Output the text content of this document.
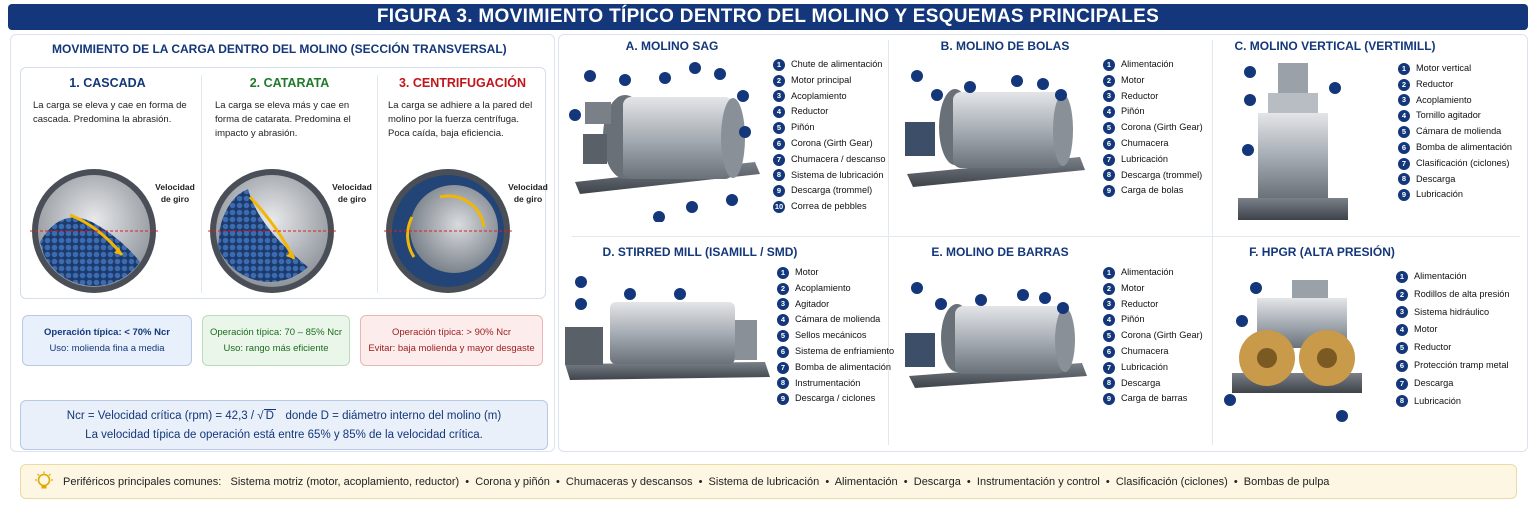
FIGURA 3. MOVIMIENTO TÍPICO DENTRO DEL MOLINO Y ESQUEMAS PRINCIPALES
MOVIMIENTO DE LA CARGA DENTRO DEL MOLINO (SECCIÓN TRANSVERSAL)
1. CASCADA

La carga se eleva y cae en forma de cascada. Predomina la abrasión.

2. CATARATA

La carga se eleva más y cae en forma de catarata. Predomina el impacto y abrasión.

3. CENTRIFUGACIÓN

La carga se adhiere a la pared del molino por la fuerza centrífuga. Poca caída, baja eficiencia.

Velocidad de giro
Velocidad de giro
Velocidad de giro
Operación típica: < 70% Ncr
Uso: molienda fina a media
Operación típica: 70 – 85% Ncr
Uso: rango más eficiente
Operación típica: > 90% Ncr
Evitar: baja molienda y mayor desgaste
Ncr = Velocidad crítica (rpm) = 42,3 / √ D donde D = diámetro interno del molino (m)
La velocidad típica de operación está entre 65% y 85% de la velocidad crítica.
A. MOLINO SAG	B. MOLINO DE BOLAS	C. MOLINO VERTICAL (VERTIMILL)
D. STIRRED MILL (ISAMILL / SMD)	E. MOLINO DE BARRAS	F. HPGR (ALTA PRESIÓN)
1	Chute de alimentación
2	Motor principal
3	Acoplamiento
4	Reductor
5	Piñón
6	Corona (Girth Gear)
7	Chumacera / descanso
8	Sistema de lubricación
9	Descarga (trommel)
10 Correa de pebbles
1	Alimentación
2	Motor
3	Reductor
4	Piñón
5	Corona (Girth Gear)
6	Chumacera
7	Lubricación
8	Descarga (trommel)
9	Carga de bolas
1	Motor vertical
2	Reductor
3	Acoplamiento
4	Tornillo agitador
5	Cámara de molienda
6	Bomba de alimentación
7	Clasificación (ciclones)
8	Descarga
9	Lubricación
1	Motor
2	Acoplamiento
3	Agitador
4	Cámara de molienda
5	Sellos mecánicos
6	Sistema de enfriamiento
7	Bomba de alimentación
8	Instrumentación
9	Descarga / ciclones
1	Alimentación
2	Motor
3	Reductor
4	Piñón
5	Corona (Girth Gear)
6	Chumacera
7	Lubricación
8	Descarga
9	Carga de barras
1	Alimentación
2	Rodillos de alta presión
3	Sistema hidráulico
4	Motor
5	Reductor
6	Protección tramp metal
7	Descarga
8	Lubricación
Periféricos principales comunes: Sistema motriz (motor, acoplamiento, reductor)  •  Corona y piñón  •  Chumaceras y descansos  •  Sistema de lubricación  •  Alimentación  •  Descarga  •  Instrumentación y control  •  Clasificación (ciclones)  •  Bombas de pulpa
